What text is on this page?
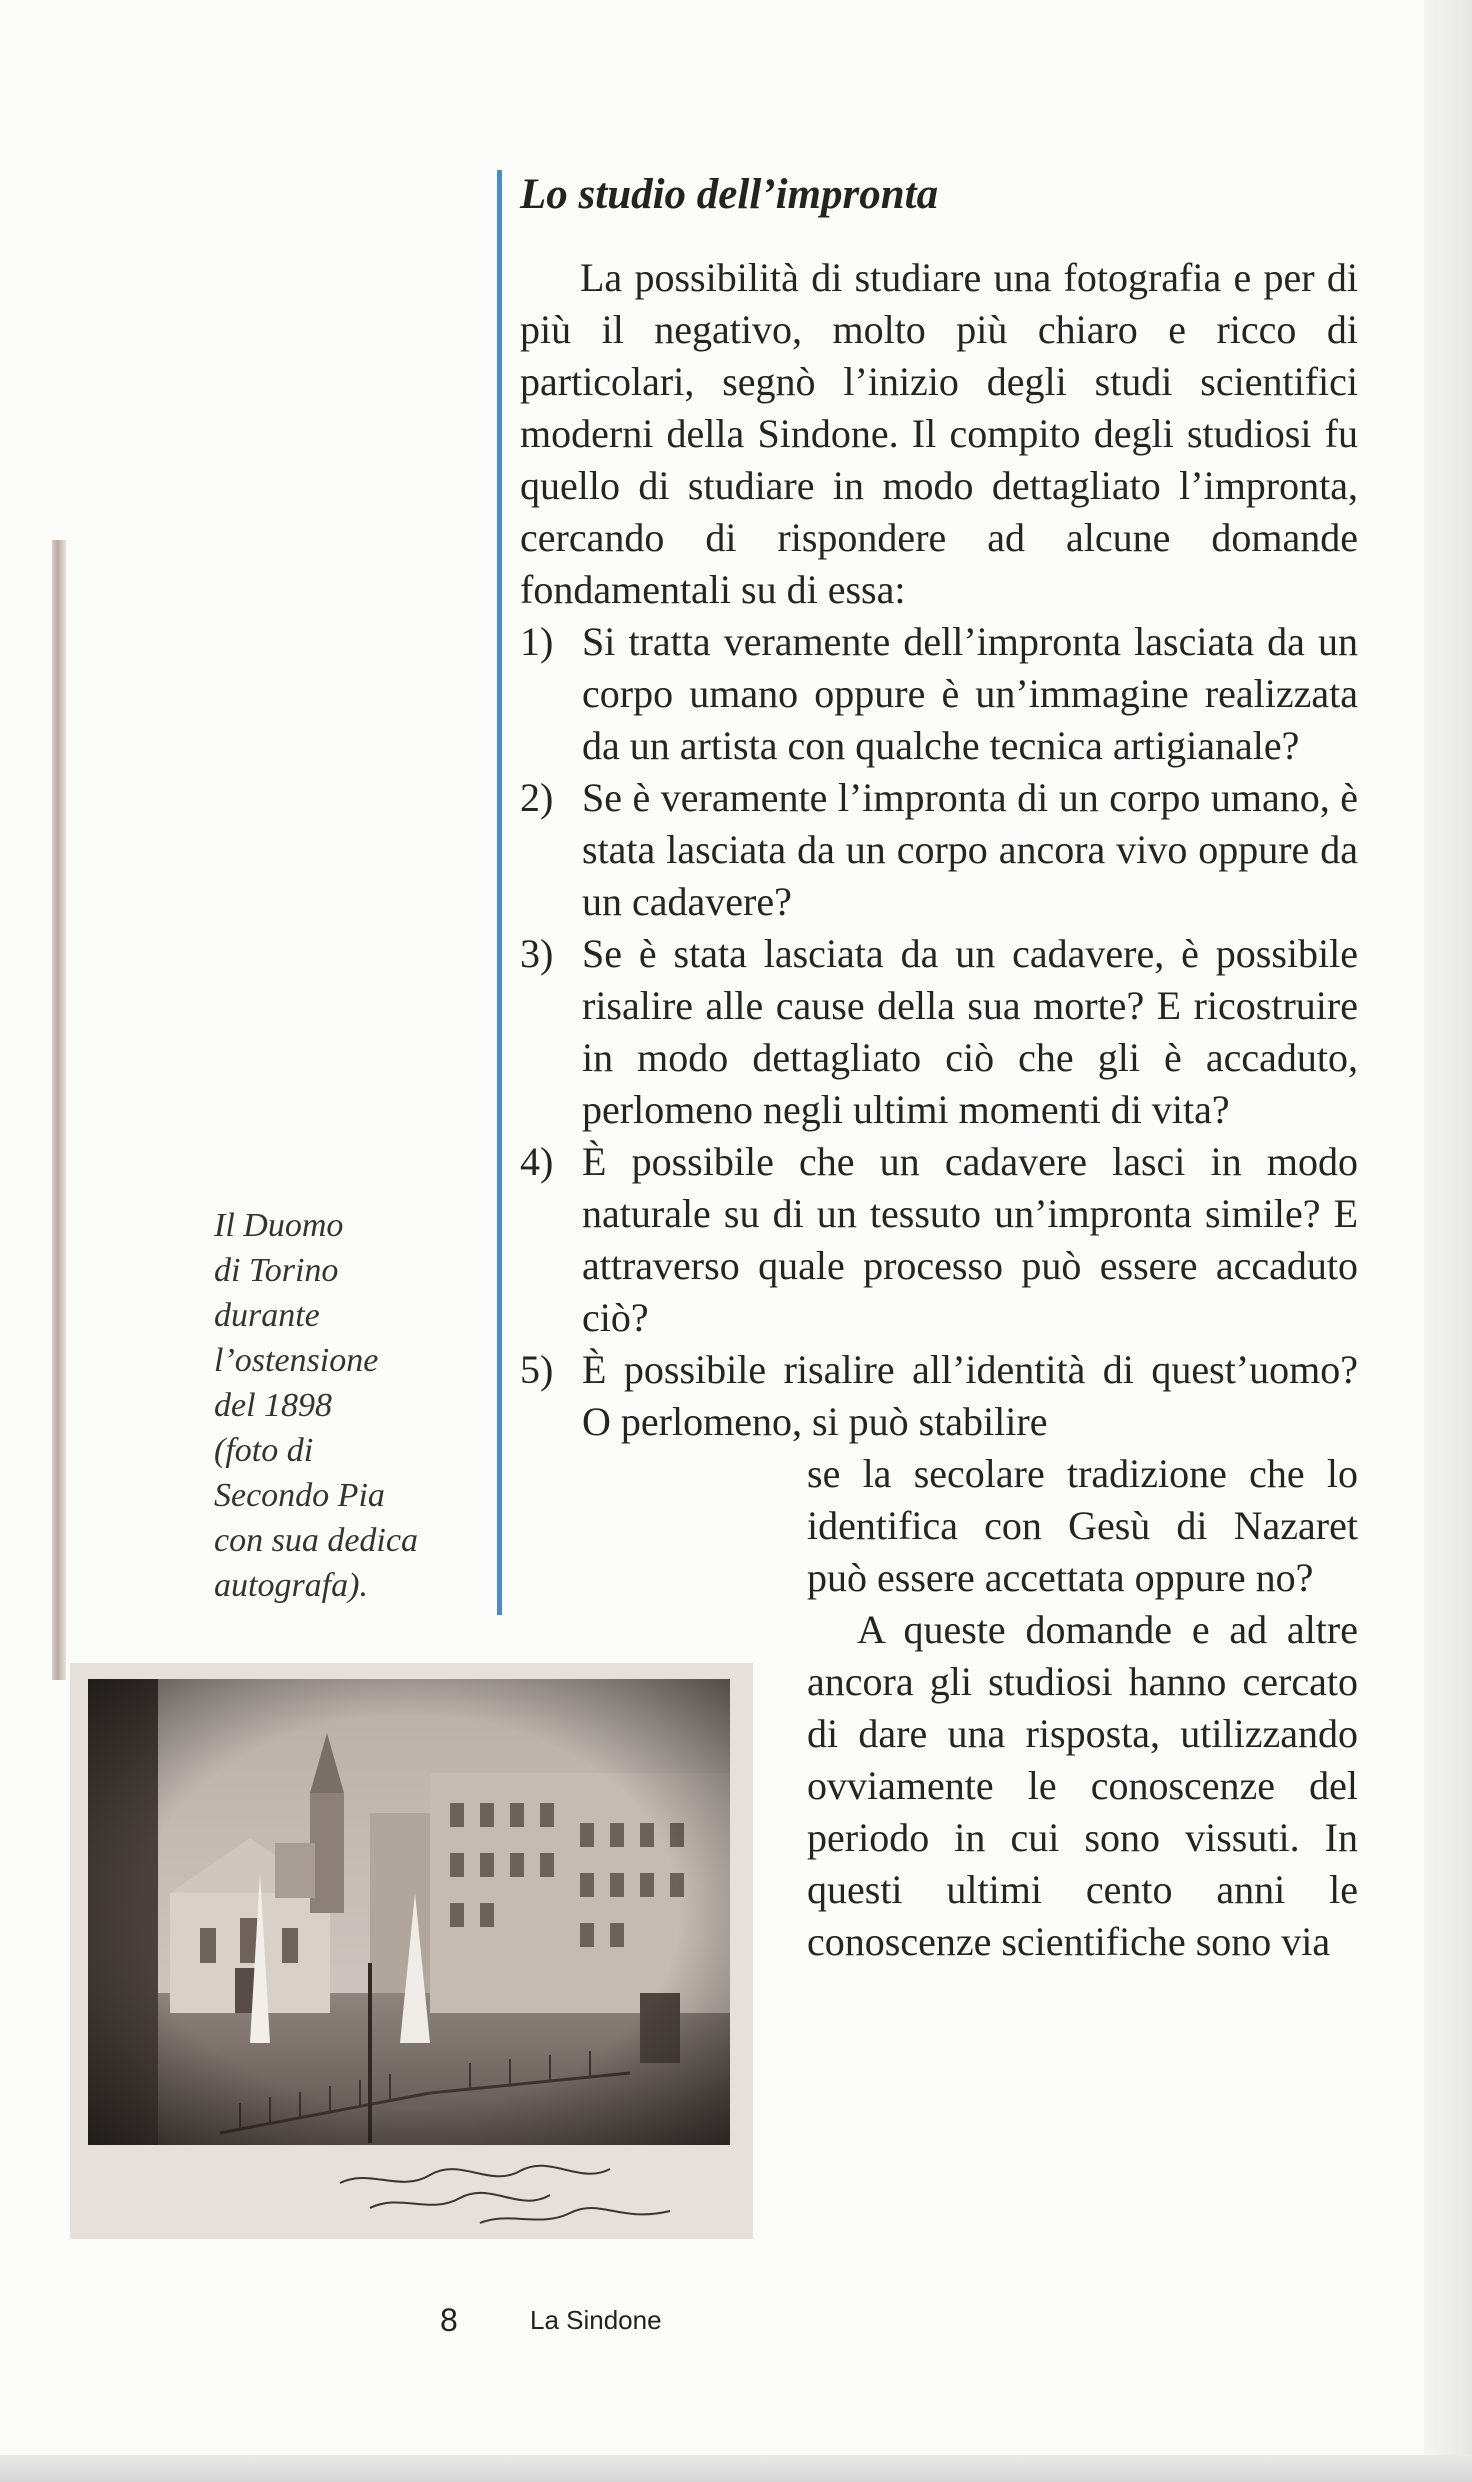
Lo studio dell’impronta

La possibilità di studiare una fotografia e per di più il negativo, molto più chiaro e ricco di particolari, segnò l’inizio degli studi scientifici moderni della Sindone. Il compito degli studiosi fu quello di studiare in modo dettagliato l’impronta, cercando di rispondere ad alcune domande fondamentali su di essa:

1) Si tratta veramente dell’impronta lasciata da un corpo umano oppure è un’immagine realizzata da un artista con qualche tecnica artigianale?
2) Se è veramente l’impronta di un corpo umano, è stata lasciata da un corpo ancora vivo oppure da un cadavere?
3) Se è stata lasciata da un cadavere, è possibile risalire alle cause della sua morte? E ricostruire in modo dettagliato ciò che gli è accaduto, perlomeno negli ultimi momenti di vita?
4) È possibile che un cadavere lasci in modo naturale su di un tessuto un’impronta simile? E attraverso quale processo può essere accaduto ciò?
5) È possibile risalire all’identità di quest’uomo? O perlomeno, si può stabilire

se la secolare tradizione che lo identifica con Gesù di Nazaret può essere accettata oppure no?

A queste domande e ad altre ancora gli studiosi hanno cercato di dare una risposta, utilizzando ovviamente le conoscenze del periodo in cui sono vissuti. In questi ultimi cento anni le conoscenze scientifiche sono via

Il Duomo
di Torino
durante
l’ostensione
del 1898
(foto di
Secondo Pia
con sua dedica
autografa).
8	La Sindone
